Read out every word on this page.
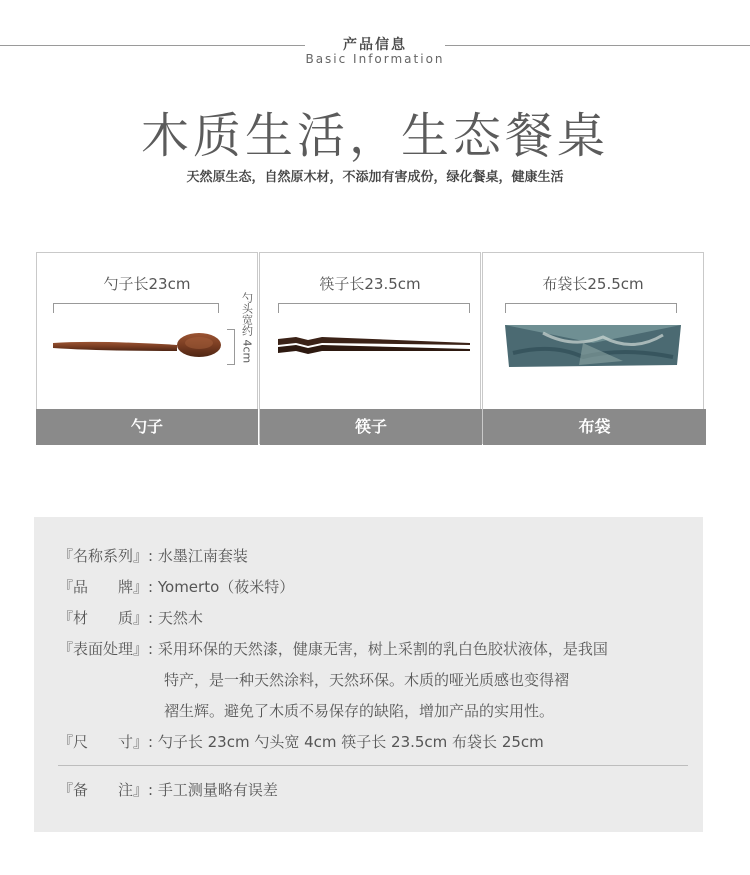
产品信息
Basic Information
木质生活，生态餐桌
天然原生态，自然原木材，不添加有害成份，绿化餐桌，健康生活
勺子长23cm	筷子长23.5cm	布袋长25.5cm
勺头宽约 4cm
勺子	筷子	布袋
『名称系列』: 水墨江南套装
『品　　牌』: Yomerto（莜米特）
『材　　质』: 天然木
『表面处理』: 采用环保的天然漆，健康无害，树上采割的乳白色胶状液体，是我国
特产，是一种天然涂料，天然环保。木质的哑光质感也变得褶
褶生辉。避免了木质不易保存的缺陷，增加产品的实用性。
『尺　　寸』: 勺子长 23cm 勺头宽 4cm 筷子长 23.5cm 布袋长 25cm
『备　　注』: 手工测量略有误差
